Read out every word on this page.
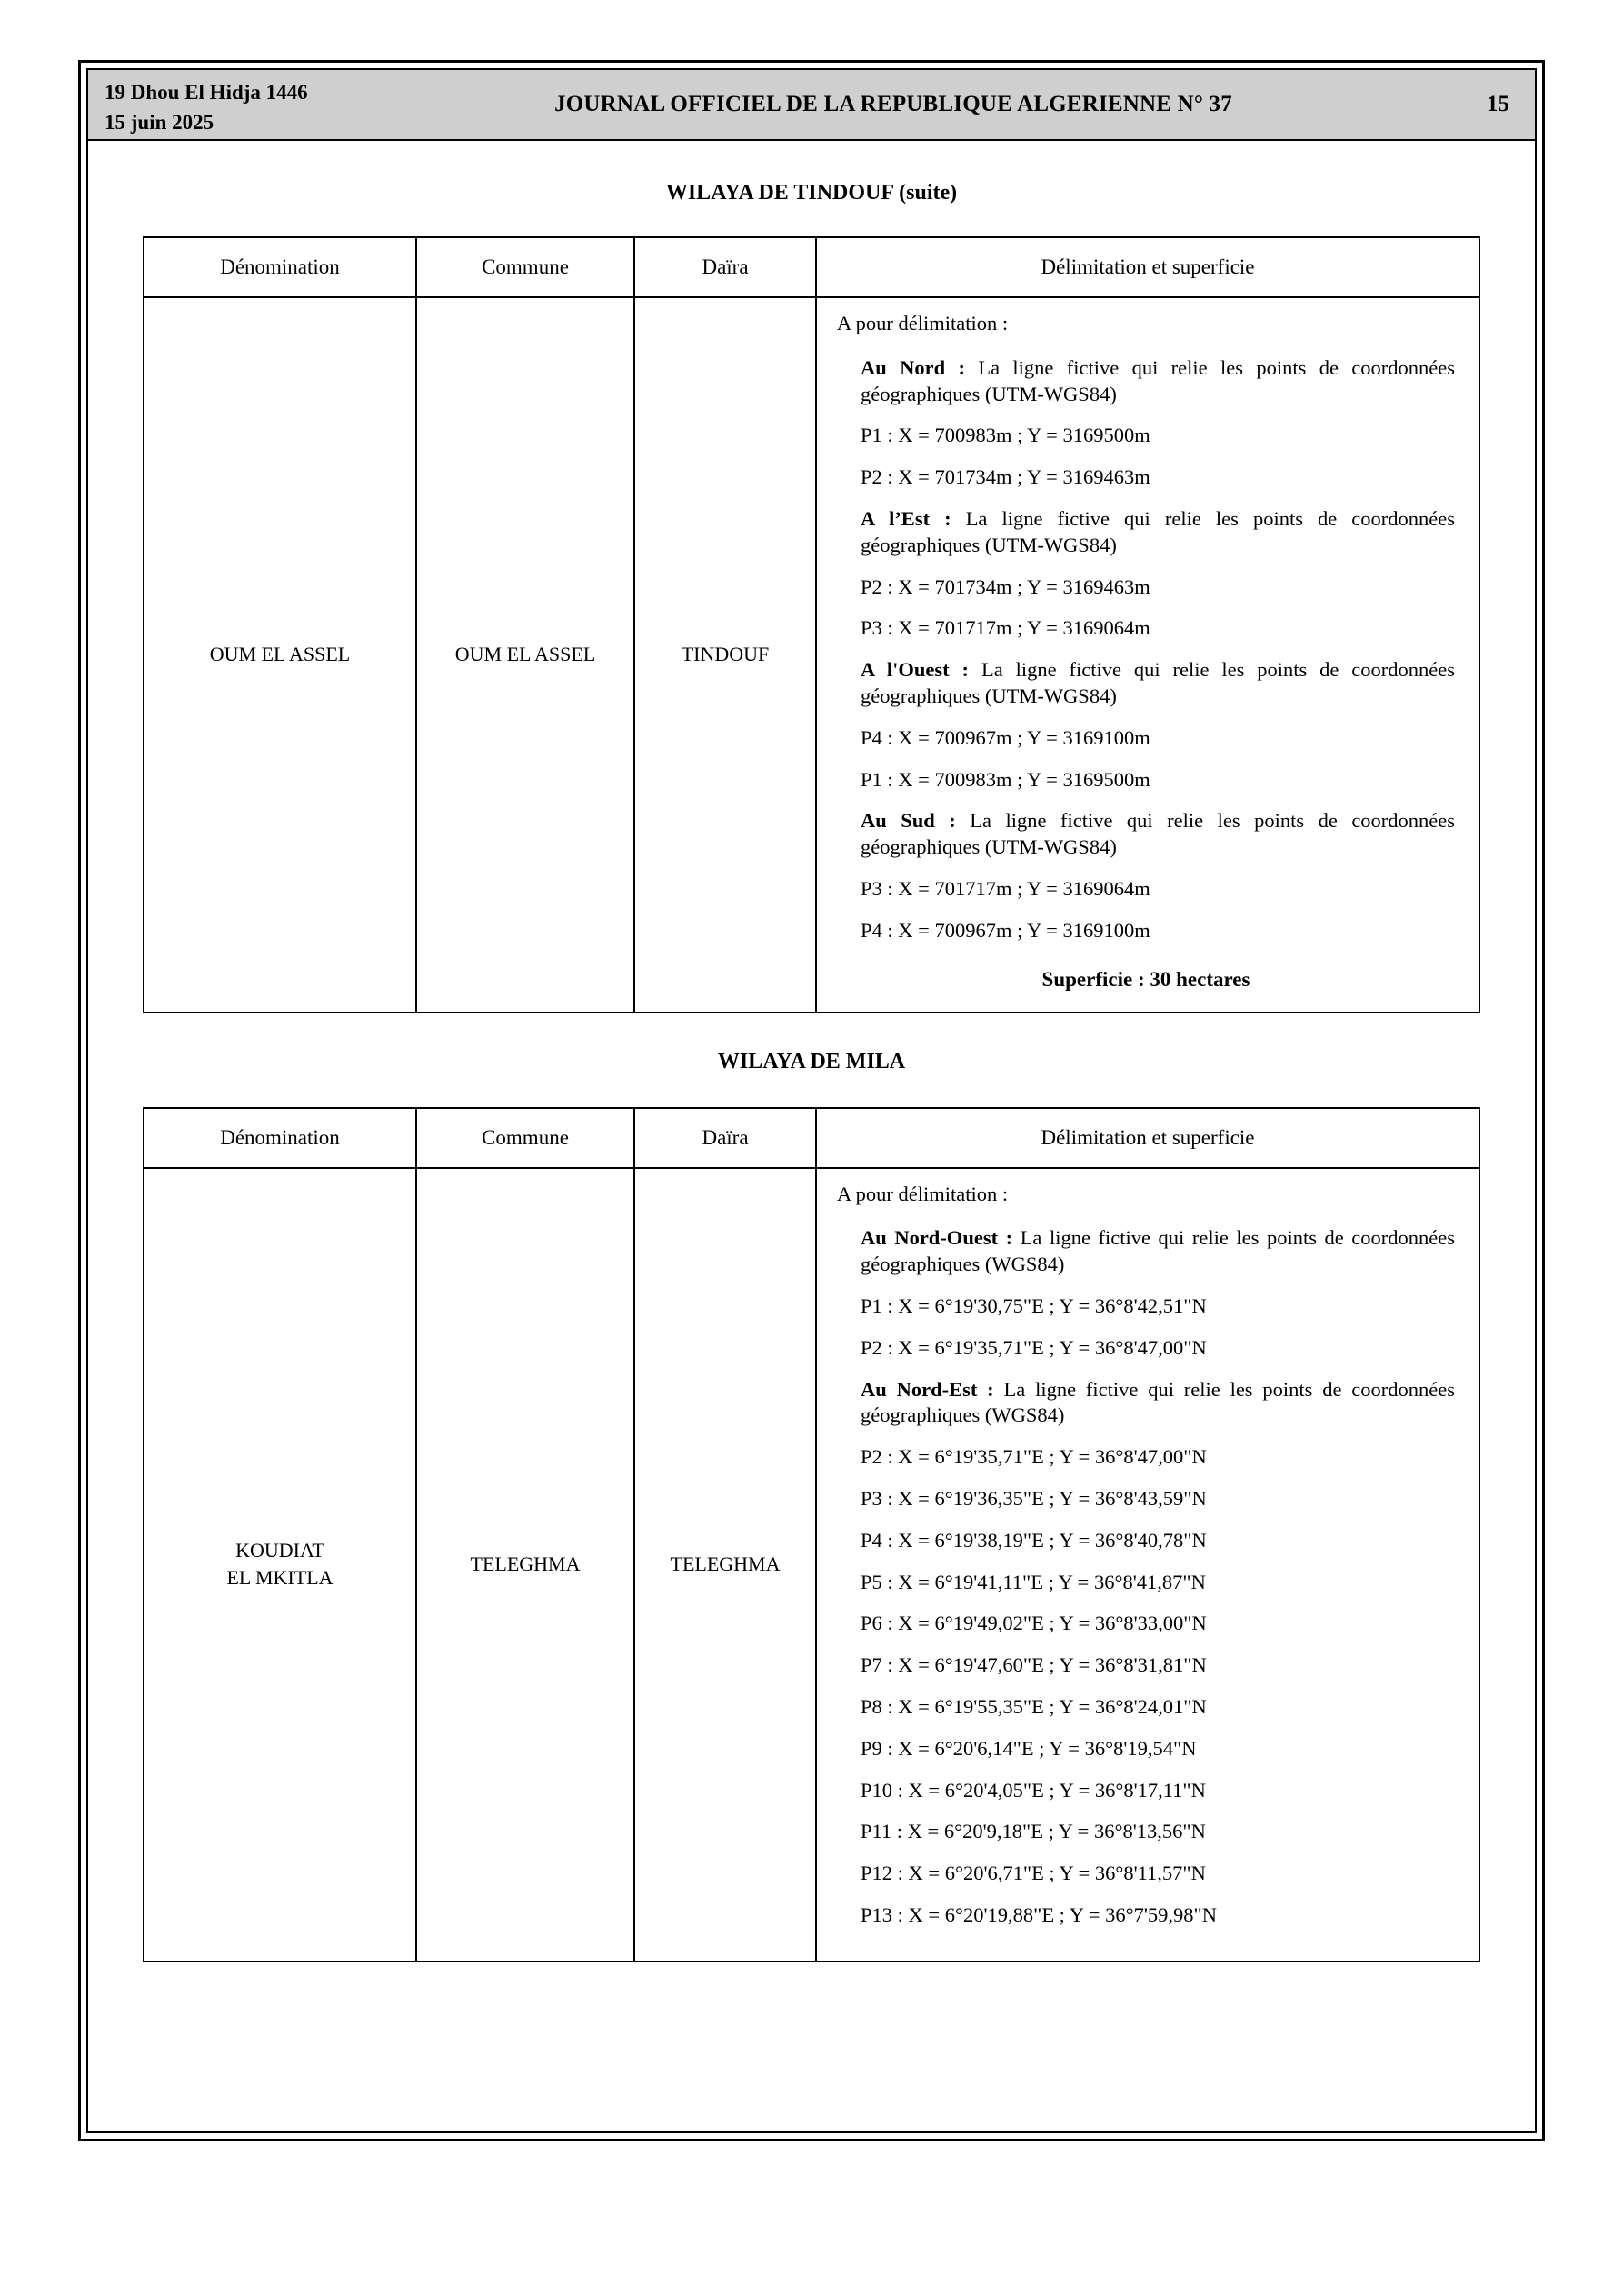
19 Dhou El Hidja 1446
15 juin 2025
JOURNAL OFFICIEL DE LA REPUBLIQUE ALGERIENNE N° 37	15
WILAYA DE TINDOUF (suite)
Dénomination	Commune	Daïra	Délimitation et superficie
OUM EL ASSEL	OUM EL ASSEL	TINDOUF	

A pour délimitation :

Au Nord : La ligne fictive qui relie les points de coordonnées géographiques (UTM-WGS84)

P1 : X = 700983m ; Y = 3169500m

P2 : X = 701734m ; Y = 3169463m

A l’Est : La ligne fictive qui relie les points de coordonnées géographiques (UTM-WGS84)

P2 : X = 701734m ; Y = 3169463m

P3 : X = 701717m ; Y = 3169064m

A l'Ouest : La ligne fictive qui relie les points de coordonnées géographiques (UTM-WGS84)

P4 : X = 700967m ; Y = 3169100m

P1 : X = 700983m ; Y = 3169500m

Au Sud : La ligne fictive qui relie les points de coordonnées géographiques (UTM-WGS84)

P3 : X = 701717m ; Y = 3169064m

P4 : X = 700967m ; Y = 3169100m

Superficie : 30 hectares

WILAYA DE MILA
Dénomination	Commune	Daïra	Délimitation et superficie

KOUDIAT
EL MKITLA
	TELEGHMA	TELEGHMA	

A pour délimitation :

Au Nord-Ouest : La ligne fictive qui relie les points de coordonnées géographiques (WGS84)

P1 : X = 6°19'30,75"E ; Y = 36°8'42,51"N

P2 : X = 6°19'35,71"E ; Y = 36°8'47,00"N

Au Nord-Est : La ligne fictive qui relie les points de coordonnées géographiques (WGS84)

P2 : X = 6°19'35,71"E ; Y = 36°8'47,00"N

P3 : X = 6°19'36,35"E ; Y = 36°8'43,59"N

P4 : X = 6°19'38,19"E ; Y = 36°8'40,78"N

P5 : X = 6°19'41,11"E ; Y = 36°8'41,87"N

P6 : X = 6°19'49,02"E ; Y = 36°8'33,00"N

P7 : X = 6°19'47,60"E ; Y = 36°8'31,81"N

P8 : X = 6°19'55,35"E ; Y = 36°8'24,01"N

P9 : X = 6°20'6,14"E ; Y = 36°8'19,54"N

P10 : X = 6°20'4,05"E ; Y = 36°8'17,11"N

P11 : X = 6°20'9,18"E ; Y = 36°8'13,56"N

P12 : X = 6°20'6,71"E ; Y = 36°8'11,57"N

P13 : X = 6°20'19,88"E ; Y = 36°7'59,98"N
